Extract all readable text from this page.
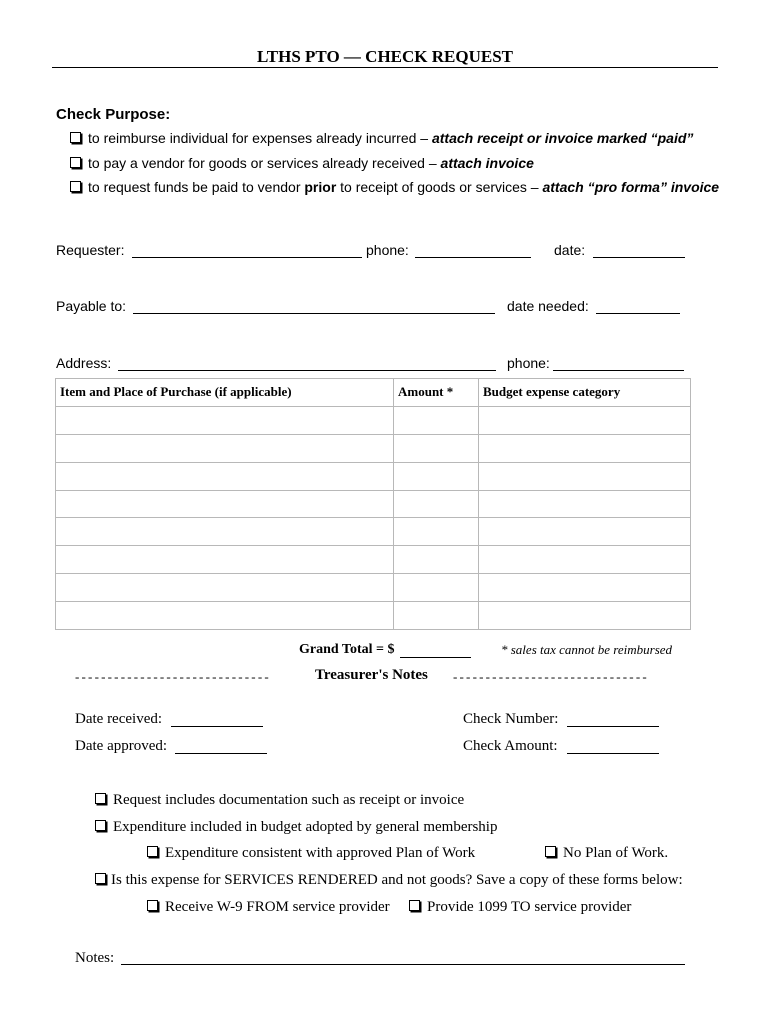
LTHS PTO — CHECK REQUEST
Check Purpose:
to reimburse individual for expenses already incurred – attach receipt or invoice marked “paid”
to pay a vendor for goods or services already received – attach invoice
to request funds be paid to vendor prior to receipt of goods or services – attach “pro forma” invoice
Requester:	phone:	date:
Payable to:	date needed:
Address:	phone:
Item and Place of Purchase (if applicable)	Amount *	Budget expense category

Grand Total = $	* sales tax cannot be reimbursed
------------------------------	Treasurer's Notes ------------------------------
Date received:	Check Number:
Date approved:	Check Amount:
Request includes documentation such as receipt or invoice
Expenditure included in budget adopted by general membership
Expenditure consistent with approved Plan of Work	No Plan of Work.
Is this expense for SERVICES RENDERED and not goods? Save a copy of these forms below:
Receive W-9 FROM service provider	Provide 1099 TO service provider
Notes:
